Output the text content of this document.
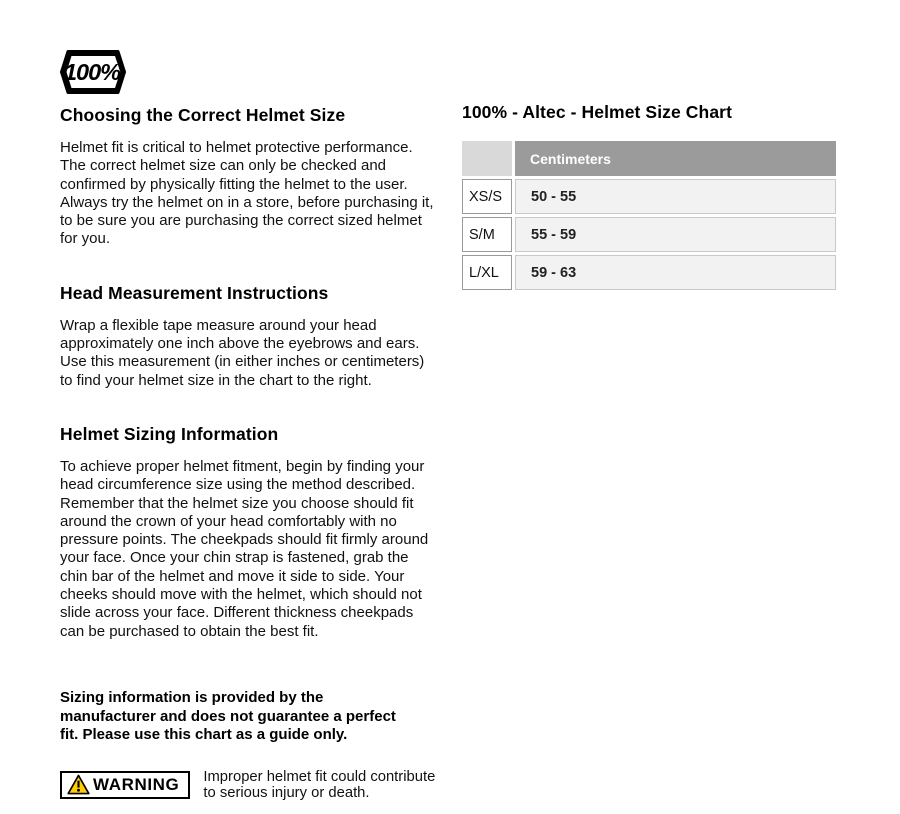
100%
Choosing the Correct Helmet Size

Helmet fit is critical to helmet protective performance. The correct helmet size can only be checked and confirmed by physically fitting the helmet to the user. Always try the helmet on in a store, before purchasing it, to be sure you are purchasing the correct sized helmet for you.

Head Measurement Instructions

Wrap a flexible tape measure around your head approximately one inch above the eyebrows and ears. Use this measurement (in either inches or centimeters) to find your helmet size in the chart to the right.

Helmet Sizing Information

To achieve proper helmet fitment, begin by finding your head circumference size using the method described. Remember that the helmet size you choose should fit around the crown of your head comfortably with no pressure points. The cheekpads should fit firmly around your face. Once your chin strap is fastened, grab the chin bar of the helmet and move it side to side. Your cheeks should move with the helmet, which should not slide across your face. Different thickness cheekpads can be purchased to obtain the best fit.

Sizing information is provided by the manufacturer and does not guarantee a perfect fit. Please use this chart as a guide only.

WARNING Improper helmet fit could contribute to serious injury or death.
100% - Altec - Helmet Size Chart
	Centimeters
XS/S	50 - 55
S/M	55 - 59
L/XL	59 - 63
